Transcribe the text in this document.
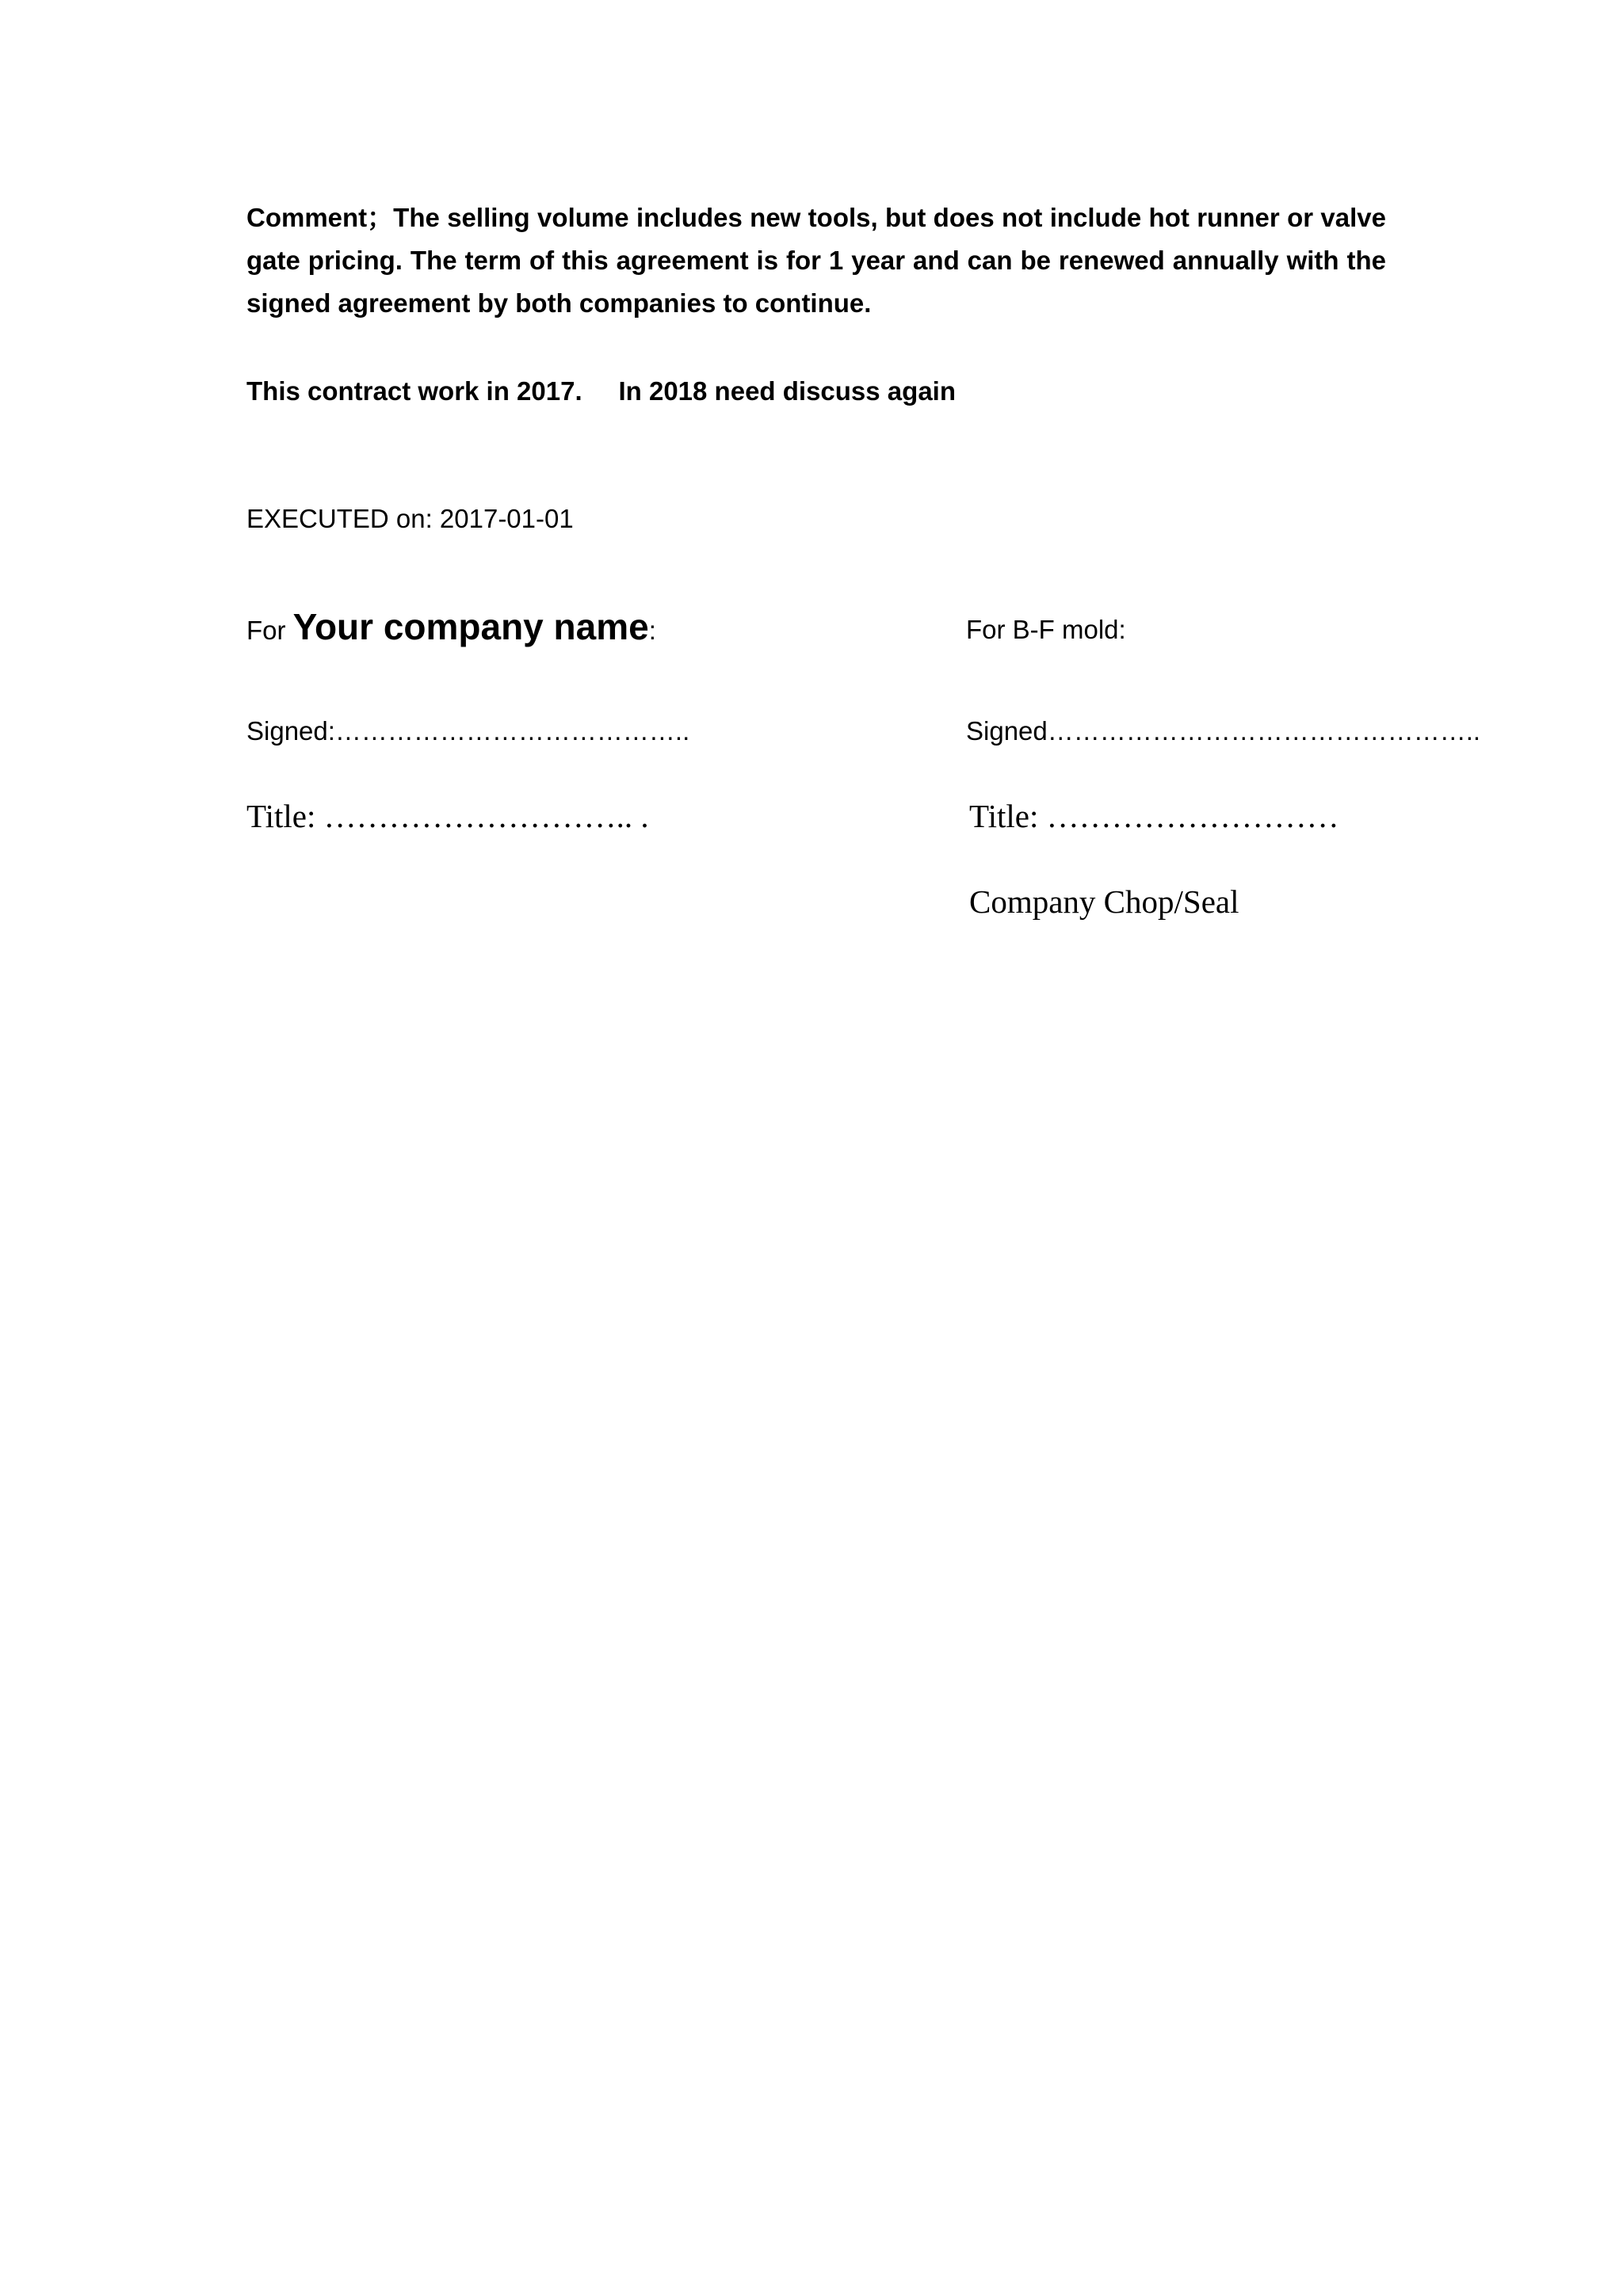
Comment；The selling volume includes new tools, but does not include hot runner or valve gate pricing. The term of this agreement is for 1 year and can be renewed annually with the signed agreement by both companies to continue.
This contract work in 2017.     In 2018 need discuss again
EXECUTED on: 2017-01-01
For Your company name:	For B-F mold:
Signed:…………………………………..	Signed…………………………………………..
Title: ……………………….. .	Title: ………………………
Company Chop/Seal
